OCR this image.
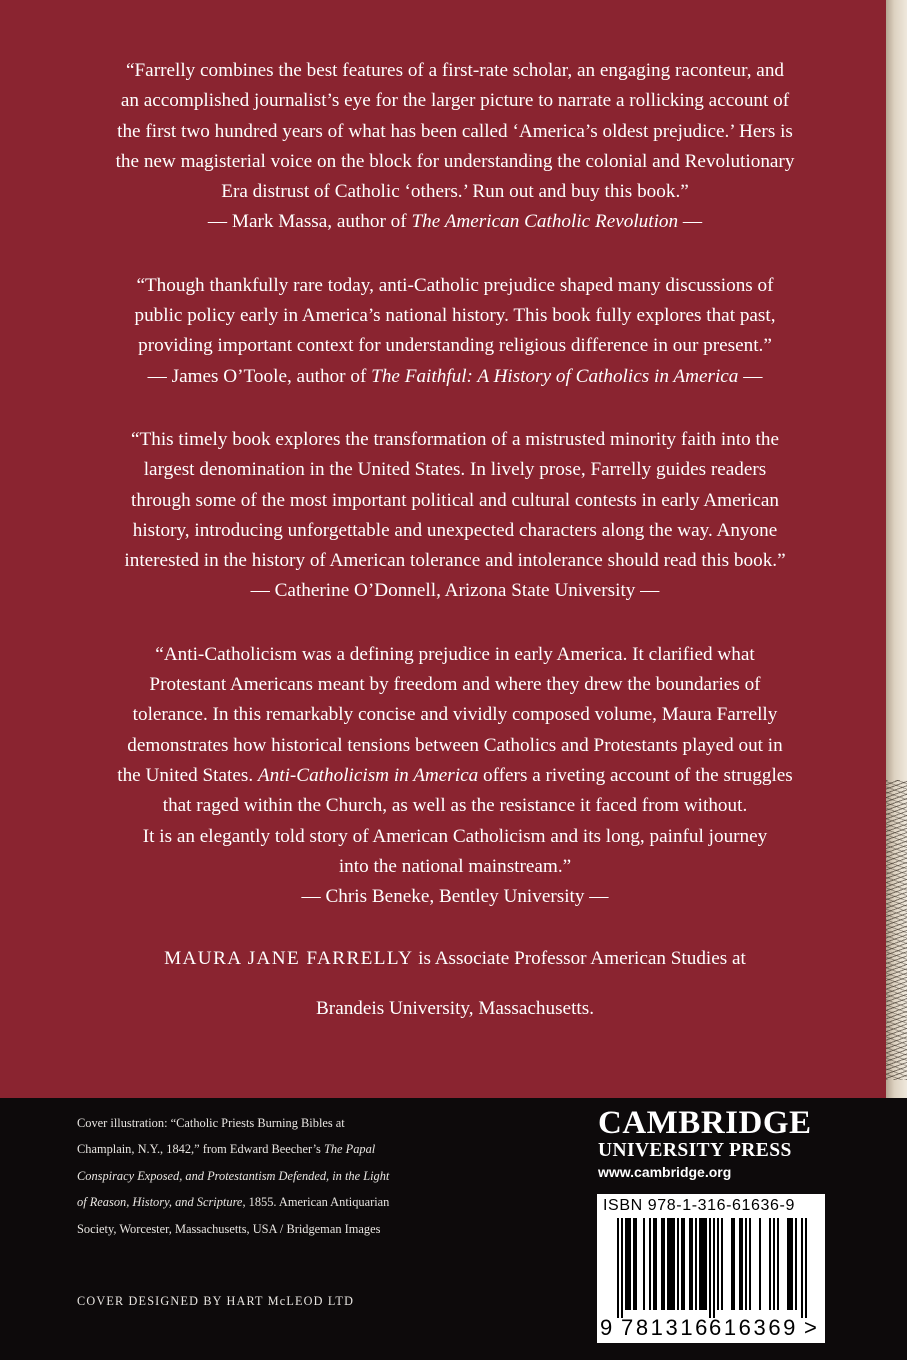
“Farrelly combines the best features of a first-rate scholar, an engaging raconteur, and

an accomplished journalist’s eye for the larger picture to narrate a rollicking account of

the first two hundred years of what has been called ‘America’s oldest prejudice.’ Hers is

the new magisterial voice on the block for understanding the colonial and Revolutionary

Era distrust of Catholic ‘others.’ Run out and buy this book.”

— Mark Massa, author of The American Catholic Revolution —

“Though thankfully rare today, anti-Catholic prejudice shaped many discussions of

public policy early in America’s national history. This book fully explores that past,

providing important context for understanding religious difference in our present.”

— James O’Toole, author of The Faithful: A History of Catholics in America —

“This timely book explores the transformation of a mistrusted minority faith into the

largest denomination in the United States. In lively prose, Farrelly guides readers

through some of the most important political and cultural contests in early American

history, introducing unforgettable and unexpected characters along the way. Anyone

interested in the history of American tolerance and intolerance should read this book.”

— Catherine O’Donnell, Arizona State University —

“Anti-Catholicism was a defining prejudice in early America. It clarified what

Protestant Americans meant by freedom and where they drew the boundaries of

tolerance. In this remarkably concise and vividly composed volume, Maura Farrelly

demonstrates how historical tensions between Catholics and Protestants played out in

the United States. Anti-Catholicism in America offers a riveting account of the struggles

that raged within the Church, as well as the resistance it faced from without.

It is an elegantly told story of American Catholicism and its long, painful journey

into the national mainstream.”

— Chris Beneke, Bentley University —

MAURA JANE FARRELLY is Associate Professor American Studies at

Brandeis University, Massachusetts.

Cover illustration: “Catholic Priests Burning Bibles at
Champlain, N.Y., 1842,” from Edward Beecher’s The Papal
Conspiracy Exposed, and Protestantism Defended, in the Light
of Reason, History, and Scripture, 1855. American Antiquarian
Society, Worcester, Massachusetts, USA / Bridgeman Images
COVER DESIGNED BY HART McLEOD LTD
CAMBRIDGE
UNIVERSITY PRESS
www.cambridge.org
ISBN 978-1-316-61636-9
9 781316
616369 >
